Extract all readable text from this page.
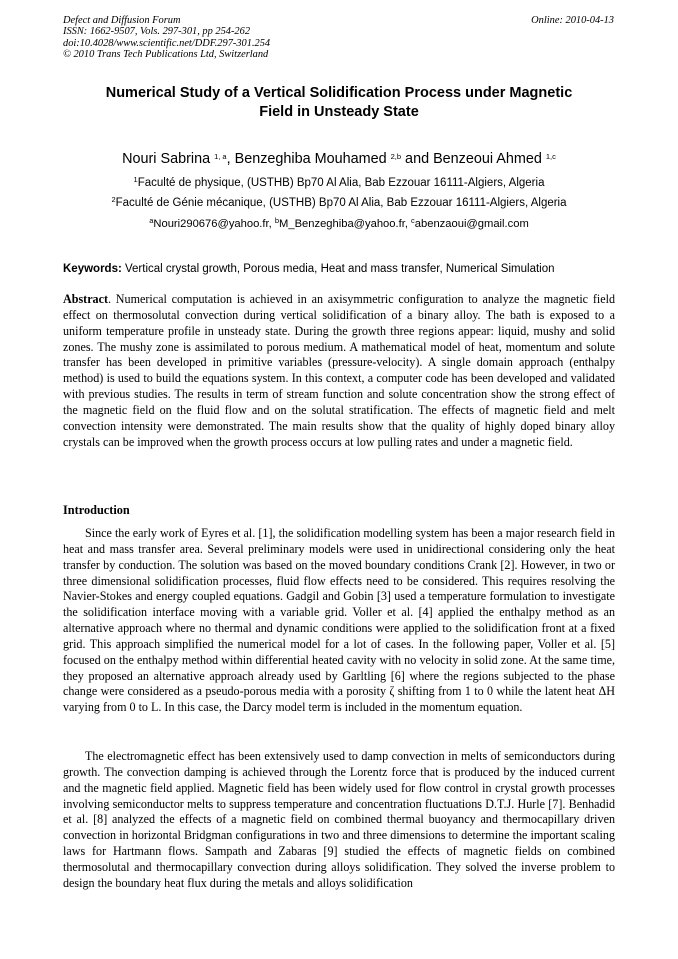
Defect and Diffusion Forum
ISSN: 1662-9507, Vols. 297-301, pp 254-262
doi:10.4028/www.scientific.net/DDF.297-301.254
© 2010 Trans Tech Publications Ltd, Switzerland
Online: 2010-04-13
Numerical Study of a Vertical Solidification Process under Magnetic
Field in Unsteady State
Nouri Sabrina $^{1, a}$, Benzeghiba Mouhamed $^{2,b}$ and Benzeoui Ahmed $^{1,c}$
$^1$Faculté de physique, (USTHB) Bp70 Al Alia, Bab Ezzouar 16111-Algiers, Algeria
$^2$Faculté de Génie mécanique, (USTHB) Bp70 Al Alia, Bab Ezzouar 16111-Algiers, Algeria
$^a$Nouri290676@yahoo.fr, $^b$M_Benzeghiba@yahoo.fr, $^c$abenzaoui@gmail.com
Keywords: Vertical crystal growth, Porous media, Heat and mass transfer, Numerical Simulation

Abstract. Numerical computation is achieved in an axisymmetric configuration to analyze the magnetic field effect on thermosolutal convection during vertical solidification of a binary alloy. The bath is exposed to a uniform temperature profile in unsteady state. During the growth three regions appear: liquid, mushy and solid zones. The mushy zone is assimilated to porous medium. A mathematical model of heat, momentum and solute transfer has been developed in primitive variables (pressure-velocity). A single domain approach (enthalpy method) is used to build the equations system. In this context, a computer code has been developed and validated with previous studies. The results in term of stream function and solute concentration show the strong effect of the magnetic field on the fluid flow and on the solutal stratification. The effects of magnetic field and melt convection intensity were demonstrated. The main results show that the quality of highly doped binary alloy crystals can be improved when the growth process occurs at low pulling rates and under a magnetic field.

Introduction

Since the early work of Eyres et al. [1], the solidification modelling system has been a major research field in heat and mass transfer area. Several preliminary models were used in unidirectional considering only the heat transfer by conduction. The solution was based on the moved boundary conditions Crank [2]. However, in two or three dimensional solidification processes, fluid flow effects need to be considered. This requires resolving the Navier-Stokes and energy coupled equations. Gadgil and Gobin [3] used a temperature formulation to investigate the solidification interface moving with a variable grid. Voller et al. [4] applied the enthalpy method as an alternative approach where no thermal and dynamic conditions were applied to the solidification front at a fixed grid. This approach simplified the numerical model for a lot of cases. In the following paper, Voller et al. [5] focused on the enthalpy method within differential heated cavity with no velocity in solid zone. At the same time, they proposed an alternative approach already used by Garltling [6] where the regions subjected to the phase change were considered as a pseudo-porous media with a porosity ζ shifting from 1 to 0 while the latent heat ΔH varying from 0 to L. In this case, the Darcy model term is included in the momentum equation.

The electromagnetic effect has been extensively used to damp convection in melts of semiconductors during growth. The convection damping is achieved through the Lorentz force that is produced by the induced current and the magnetic field applied. Magnetic field has been widely used for flow control in crystal growth processes involving semiconductor melts to suppress temperature and concentration fluctuations D.T.J. Hurle [7]. Benhadid et al. [8] analyzed the effects of a magnetic field on combined thermal buoyancy and thermocapillary driven convection in horizontal Bridgman configurations in two and three dimensions to determine the important scaling laws for Hartmann flows. Sampath and Zabaras [9] studied the effects of magnetic fields on combined thermosolutal and thermocapillary convection during alloys solidification. They solved the inverse problem to design the boundary heat flux during the metals and alloys solidification
